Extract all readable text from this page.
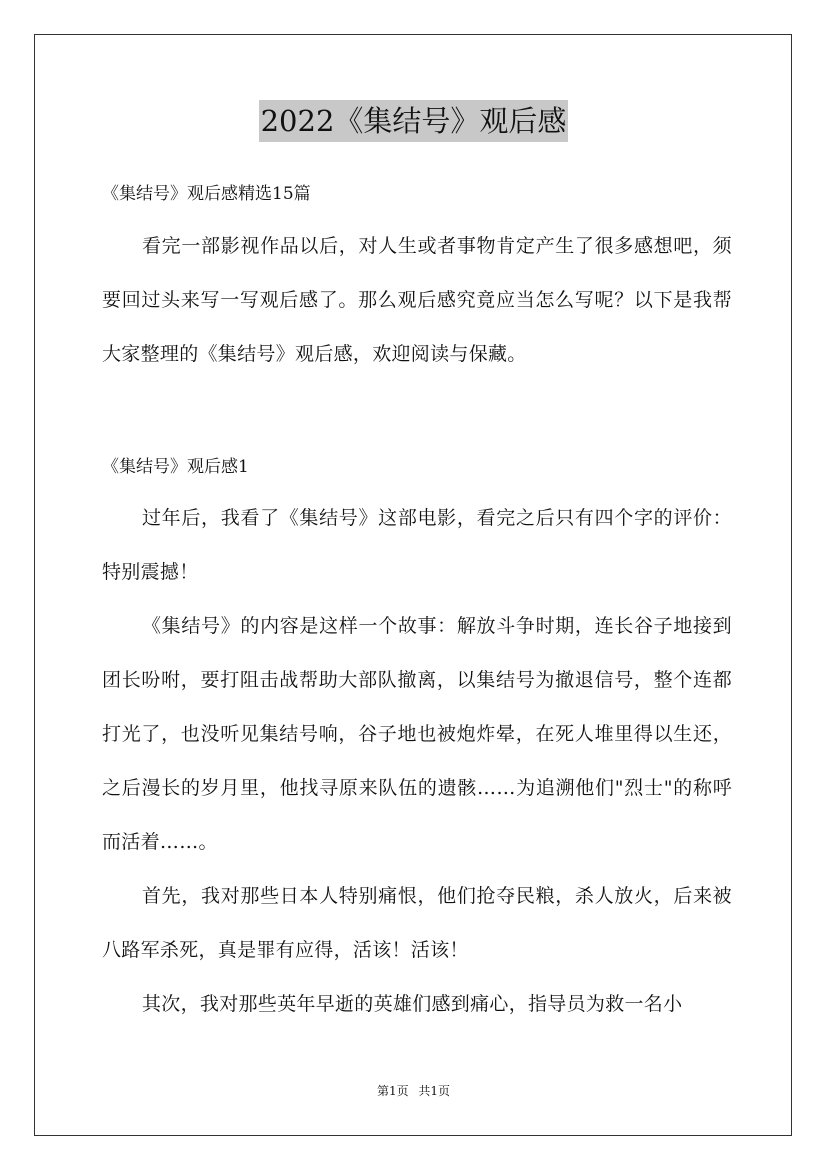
2022《集结号》观后感

《集结号》观后感精选15篇

看完一部影视作品以后，对人生或者事物肯定产生了很多感想吧，须要回过头来写一写观后感了。那么观后感究竟应当怎么写呢？以下是我帮大家整理的《集结号》观后感，欢迎阅读与保藏。

《集结号》观后感1

过年后，我看了《集结号》这部电影，看完之后只有四个字的评价：特别震撼！

《集结号》的内容是这样一个故事：解放斗争时期，连长谷子地接到团长吩咐，要打阻击战帮助大部队撤离，以集结号为撤退信号，整个连都打光了，也没听见集结号响，谷子地也被炮炸晕，在死人堆里得以生还，之后漫长的岁月里，他找寻原来队伍的遗骸……为追溯他们"烈士"的称呼而活着……。

首先，我对那些日本人特别痛恨，他们抢夺民粮，杀人放火，后来被八路军杀死，真是罪有应得，活该！活该！

其次，我对那些英年早逝的英雄们感到痛心，指导员为救一名小

第1页 共1页
